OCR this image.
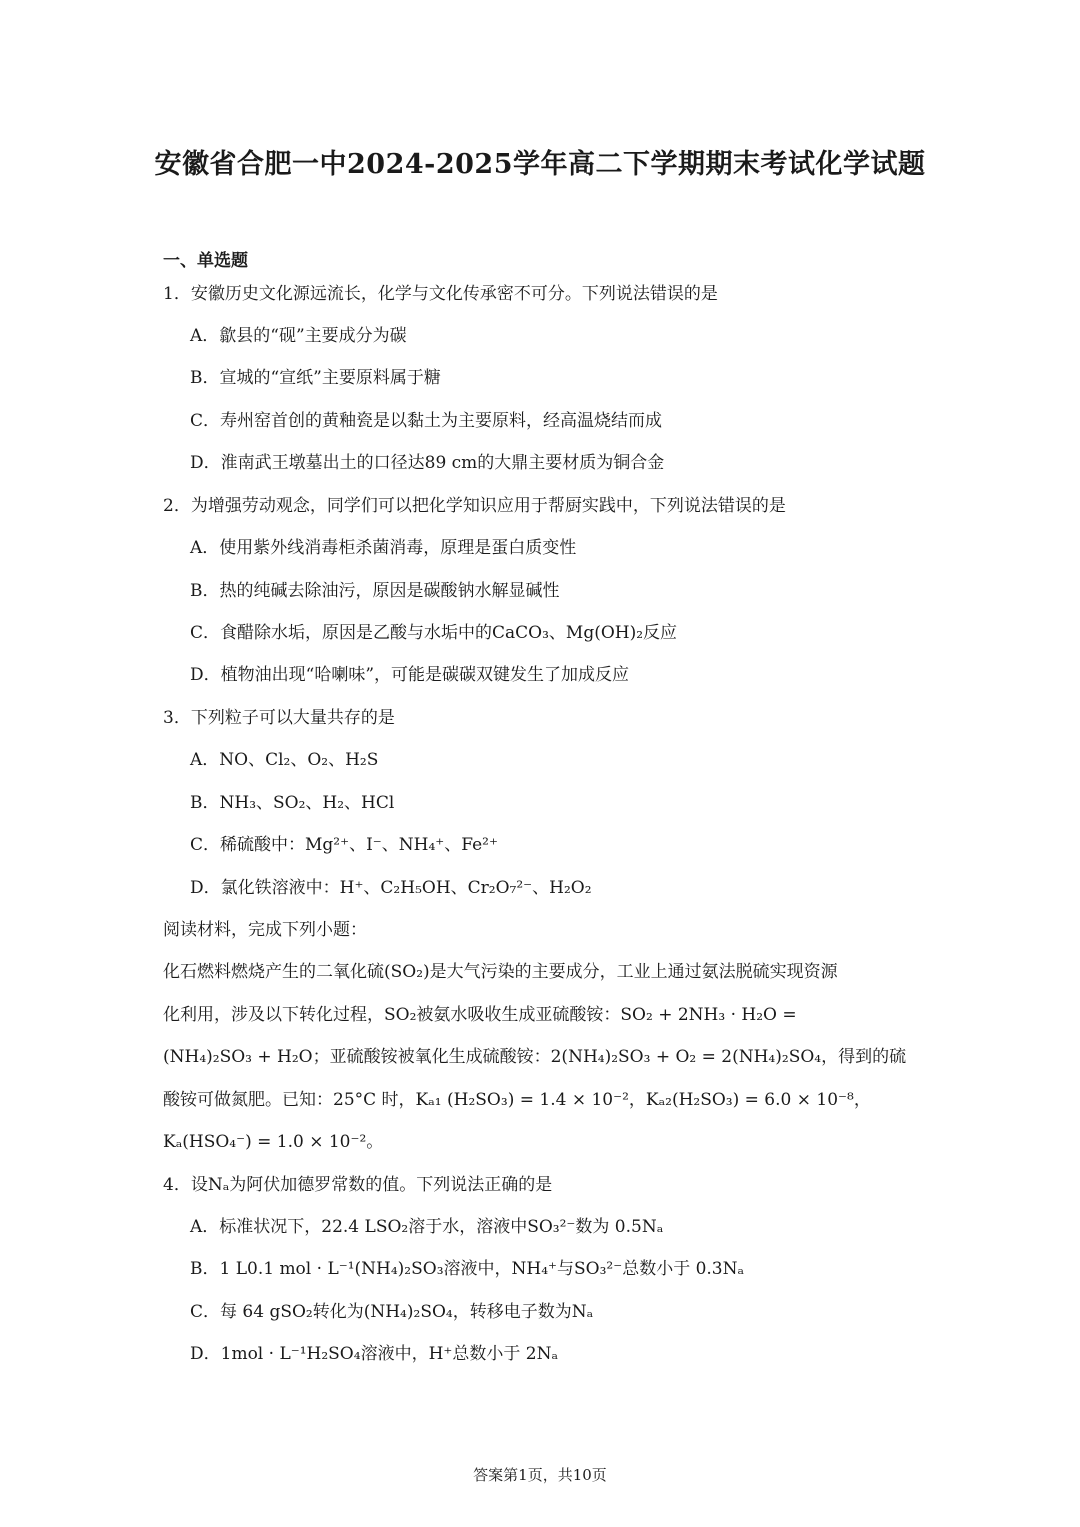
安徽省合肥一中2024-2025学年高二下学期期末考试化学试题
一、单选题
1．安徽历史文化源远流长，化学与文化传承密不可分。下列说法错误的是
A．歙县的“砚”主要成分为碳
B．宣城的“宣纸”主要原料属于糖
C．寿州窑首创的黄釉瓷是以黏土为主要原料，经高温烧结而成
D．淮南武王墩墓出土的口径达89 cm的大鼎主要材质为铜合金
2．为增强劳动观念，同学们可以把化学知识应用于帮厨实践中，下列说法错误的是
A．使用紫外线消毒柜杀菌消毒，原理是蛋白质变性
B．热的纯碱去除油污，原因是碳酸钠水解显碱性
C．食醋除水垢，原因是乙酸与水垢中的CaCO₃、Mg(OH)₂反应
D．植物油出现“哈喇味”，可能是碳碳双键发生了加成反应
3．下列粒子可以大量共存的是
A．NO、Cl₂、O₂、H₂S
B．NH₃、SO₂、H₂、HCl
C．稀硫酸中：Mg²⁺、I⁻、NH₄⁺、Fe²⁺
D．氯化铁溶液中：H⁺、C₂H₅OH、Cr₂O₇²⁻、H₂O₂
阅读材料，完成下列小题：
化石燃料燃烧产生的二氧化硫(SO₂)是大气污染的主要成分，工业上通过氨法脱硫实现资源
化利用，涉及以下转化过程，SO₂被氨水吸收生成亚硫酸铵：SO₂ + 2NH₃ · H₂O =
(NH₄)₂SO₃ + H₂O；亚硫酸铵被氧化生成硫酸铵：2(NH₄)₂SO₃ + O₂ = 2(NH₄)₂SO₄，得到的硫
酸铵可做氮肥。已知：25°C 时，Kₐ₁ (H₂SO₃) = 1.4 × 10⁻²，Kₐ₂(H₂SO₃) = 6.0 × 10⁻⁸，
Kₐ(HSO₄⁻) = 1.0 × 10⁻²。
4．设Nₐ为阿伏加德罗常数的值。下列说法正确的是
A．标准状况下，22.4 LSO₂溶于水，溶液中SO₃²⁻数为 0.5Nₐ
B．1 L0.1 mol · L⁻¹(NH₄)₂SO₃溶液中，NH₄⁺与SO₃²⁻总数小于 0.3Nₐ
C．每 64 gSO₂转化为(NH₄)₂SO₄，转移电子数为Nₐ
D．1mol · L⁻¹H₂SO₄溶液中，H⁺总数小于 2Nₐ
答案第1页，共10页
